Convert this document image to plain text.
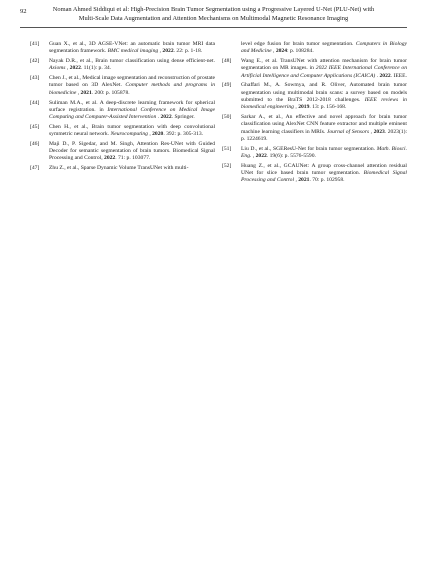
92	Noman Ahmed Siddiqui et al: High-Precision Brain Tumor Segmentation using a Progressive Layered U-Net (PLU-Net) with
Multi-Scale Data Augmentation and Attention Mechanisms on Multimodal Magnetic Resonance Imaging
[41]	Guan X., et al., 3D AGSE-VNet: an automatic brain tumor MRI data segmentation framework. BMC medical imaging , 2022. 22: p. 1-18.
[42]	Nayak D.R., et al., Brain tumor classification using dense efficient-net. Axioms , 2022. 11(1): p. 34.
[43]	Chen J., et al., Medical image segmentation and reconstruction of prostate tumor based on 3D AlexNet. Computer methods and programs in biomedicine , 2021. 200: p. 105878.
[44]	Suliman M.A., et al. A deep-discrete learning framework for spherical surface registration. in International Conference on Medical Image Computing and Computer-Assisted Intervention . 2022. Springer.
[45]	Chen H., et al., Brain tumor segmentation with deep convolutional symmetric neural network. Neurocomputing , 2020. 392: p. 305-313.
[46]	Maji D., P. Sigedar, and M. Singh, Attention Res-UNet with Guided Decoder for semantic segmentation of brain tumors. Biomedical Signal Processing and Control, 2022. 71: p. 103077.
[47]	Zhu Z., et al., Sparse Dynamic Volume TransUNet with multi-
level edge fusion for brain tumor segmentation. Computers in Biology and Medicine , 2024: p. 108284.
[48]	Wang E., et al. TransUNet with attention mechanism for brain tumor segmentation on MR images. in 2022 IEEE International Conference on Artificial Intelligence and Computer Applications (ICAICA) . 2022. IEEE.
[49]	Ghaffari M., A. Sowmya, and R. Oliver, Automated brain tumor segmentation using multimodal brain scans: a survey based on models submitted to the BraTS 2012-2018 challenges. IEEE reviews in biomedical engineering , 2019. 13: p. 156-168.
[50]	Sarkar A., et al., An effective and novel approach for brain tumor classification using AlexNet CNN feature extractor and multiple eminent machine learning classifiers in MRIs. Journal of Sensors , 2023. 2023(1): p. 1224619.
[51]	Liu D., et al., SGEResU-Net for brain tumor segmentation. Math. Biosci. Eng. , 2022. 19(6): p. 5576-5590.
[52]	Huang Z., et al., GCAUNet: A group cross-channel attention residual UNet for slice based brain tumor segmentation. Biomedical Signal Processing and Control , 2021. 70: p. 102958.
